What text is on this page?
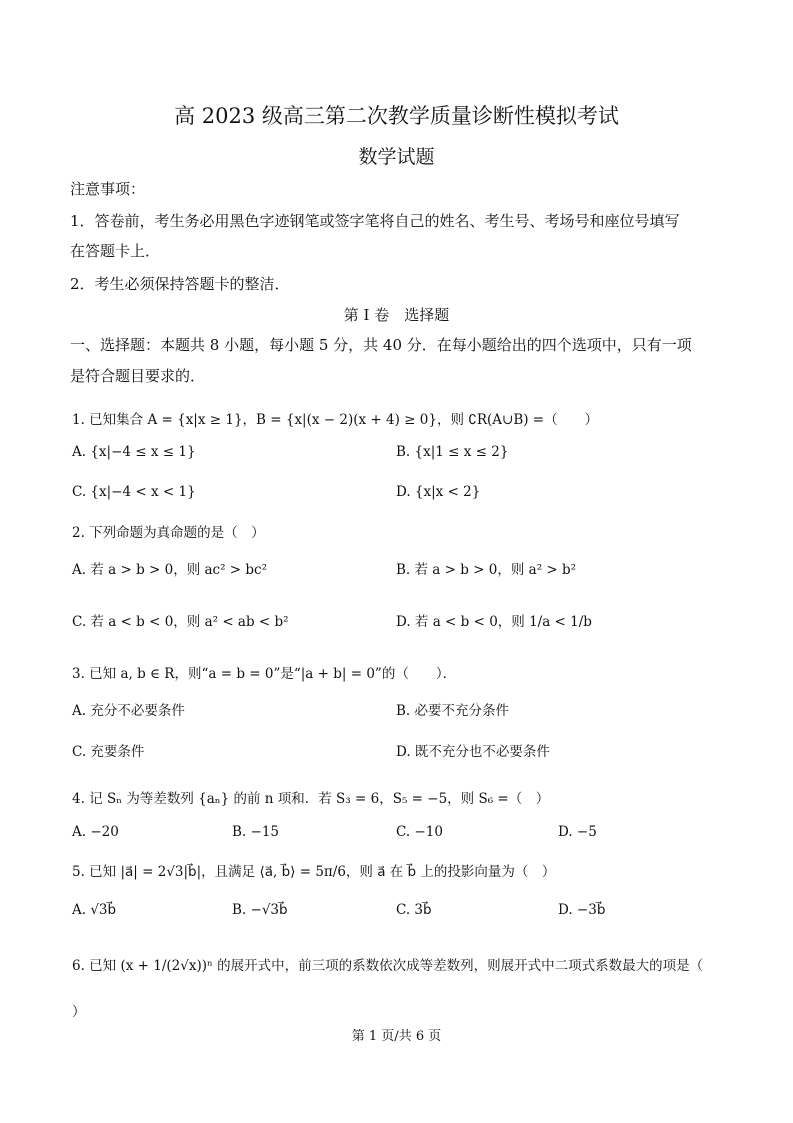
高 2023 级高三第二次教学质量诊断性模拟考试
数学试题
注意事项：
1．答卷前，考生务必用黑色字迹钢笔或签字笔将自己的姓名、考生号、考场号和座位号填写
在答题卡上．
2．考生必须保持答题卡的整洁．
第 I 卷　选择题
一、选择题：本题共 8 小题，每小题 5 分，共 40 分．在每小题给出的四个选项中，只有一项
是符合题目要求的．
1. 已知集合 A = {x|x ≥ 1}，B = {x|(x − 2)(x + 4) ≥ 0}，则 ∁R(A∪B) =（　　）
A. {x|−4 ≤ x ≤ 1}	B. {x|1 ≤ x ≤ 2}
C. {x|−4 < x < 1}	D. {x|x < 2}
2. 下列命题为真命题的是（　）
A. 若 a > b > 0，则 ac² > bc²	B. 若 a > b > 0，则 a² > b²
C. 若 a < b < 0，则 a² < ab < b²	D. 若 a < b < 0，则 1/a < 1/b
3. 已知 a, b ∈ R，则“a = b = 0”是“|a + b| = 0”的（　　）．
A. 充分不必要条件	B. 必要不充分条件
C. 充要条件	D. 既不充分也不必要条件
4. 记 Sₙ 为等差数列 {aₙ} 的前 n 项和．若 S₃ = 6，S₅ = −5，则 S₆ =（　）
A. −20	B. −15	C. −10	D. −5
5. 已知 |a⃗| = 2√3|b⃗|，且满足 ⟨a⃗, b⃗⟩ = 5π/6，则 a⃗ 在 b⃗ 上的投影向量为（　）
A. √3b⃗	B. −√3b⃗	C. 3b⃗	D. −3b⃗
6. 已知 (x + 1/(2√x))ⁿ 的展开式中，前三项的系数依次成等差数列，则展开式中二项式系数最大的项是（
）
第 1 页/共 6 页
